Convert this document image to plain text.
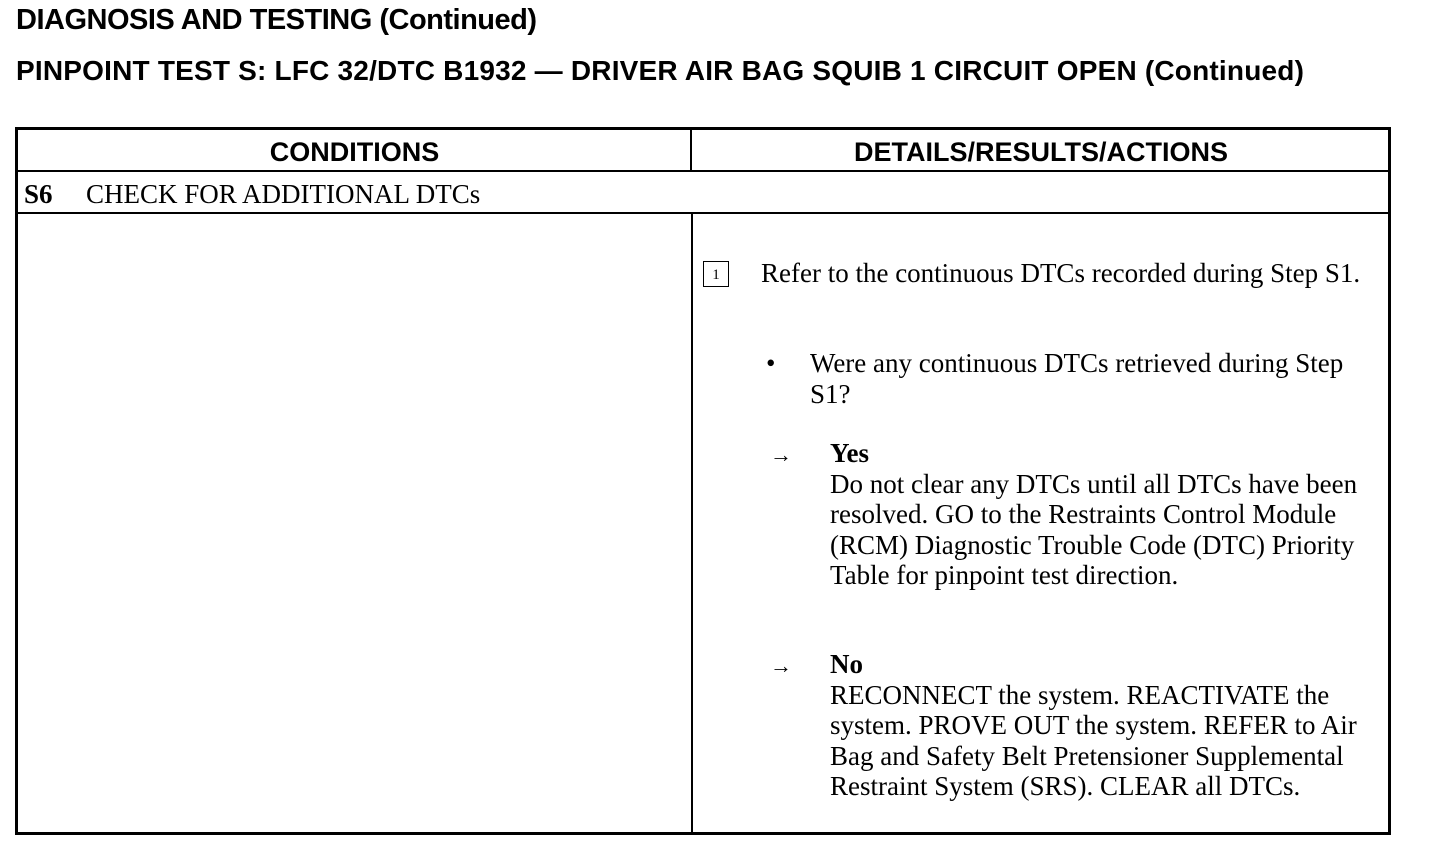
DIAGNOSIS AND TESTING (Continued)
PINPOINT TEST S: LFC 32/DTC B1932 — DRIVER AIR BAG SQUIB 1 CIRCUIT OPEN (Continued)
CONDITIONS	DETAILS/RESULTS/ACTIONS
S6 CHECK FOR ADDITIONAL DTCs
1	Refer to the continuous DTCs recorded during Step S1.
• Were any continuous DTCs retrieved during Step S1?
→ Yes
Do not clear any DTCs until all DTCs have been resolved. GO to the Restraints Control Module (RCM) Diagnostic Trouble Code (DTC) Priority Table for pinpoint test direction.
→ No
RECONNECT the system. REACTIVATE the system. PROVE OUT the system. REFER to Air Bag and Safety Belt Pretensioner Supplemental Restraint System (SRS). CLEAR all DTCs.
